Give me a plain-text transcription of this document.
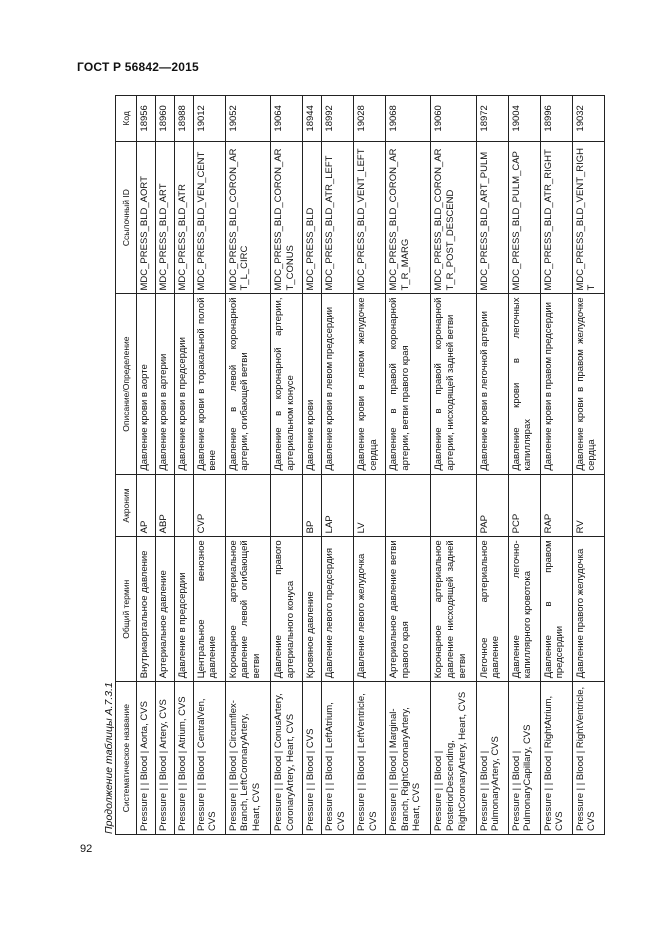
ГОСТ Р 56842—2015
Продолжение таблицы А.7.3.1 Систематическое название	Общий термин	Акроним	Описание/Определение	Ссылочный ID	Код
Pressure | | Blood | Aorta, CVS	Внутриаортальное давление	AP	Давление крови в аорте	MDC_PRESS_BLD_AORT	18956
Pressure | | Blood | Artery, CVS	Артериальное давление	ABP	Давление крови в артерии	MDC_PRESS_BLD_ART	18960
Pressure | | Blood | Atrium, CVS	Давление в предсердии		Давление крови в предсердии	MDC_PRESS_BLD_ATR	18988
Pressure | | Blood | CentralVen, CVS	Центральное венозное давление	CVP	Давление крови в торакальной полой вене	MDC_PRESS_BLD_VEN_CENT	19012
Pressure | | Blood | Circumflex-Branch, LeftCoronaryArtery, Heart, CVS	Коронарное артериальное давление левой огибающей ветви		Давление в левой коронарной артерии, огибающей ветви	MDC_PRESS_BLD_CORON_ART_L_CIRC	19052
Pressure | | Blood | ConusArtery, CoronaryArtery, Heart, CVS	Давление правого артериального конуса		Давление в коронарной артерии, артериальном конусе	MDC_PRESS_BLD_CORON_ART_CONUS	19064
Pressure | | Blood | CVS	Кровяное давление	BP	Давление крови	MDC_PRESS_BLD	18944
Pressure | | Blood | LeftAtrium, CVS	Давление левого предсердия	LAP	Давление крови в левом предсердии	MDC_PRESS_BLD_ATR_LEFT	18992
Pressure | | Blood | LeftVentricle, CVS	Давление левого желудочка	LV	Давление крови в левом желудочке сердца	MDC_PRESS_BLD_VENT_LEFT	19028
Pressure | | Blood | Marginal-Branch, RightCoronaryArtery, Heart, CVS	Артериальное давление ветви правого края		Давление в правой коронарной артерии, ветви правого края	MDC_PRESS_BLD_CORON_ART_R_MARG	19068
Pressure | | Blood | PosteriorDescending, RightCoronaryArtery, Heart, CVS	Коронарное артериальное давление нисходящей задней ветви		Давление в правой коронарной артерии, нисходящей задней ветви	MDC_PRESS_BLD_CORON_ART_R_POST_DESCEND	19060
Pressure | | Blood | PulmonaryArtery, CVS	Легочное артериальное давление	PAP	Давление крови в легочной артерии	MDC_PRESS_BLD_ART_PULM	18972
Pressure | | Blood | PulmonaryCapillary, CVS	Давление легочно-капиллярного кровотока	PCP	Давление крови в легочных капиллярах	MDC_PRESS_BLD_PULM_CAP	19004
Pressure | | Blood | RightAtrium, CVS	Давление в правом предсердии	RAP	Давление крови в правом предсердии	MDC_PRESS_BLD_ATR_RIGHT	18996
Pressure | | Blood | RightVentricle, CVS	Давление правого желудочка	RV	Давление крови в правом желудочке сердца	MDC_PRESS_BLD_VENT_RIGHT	19032
92
